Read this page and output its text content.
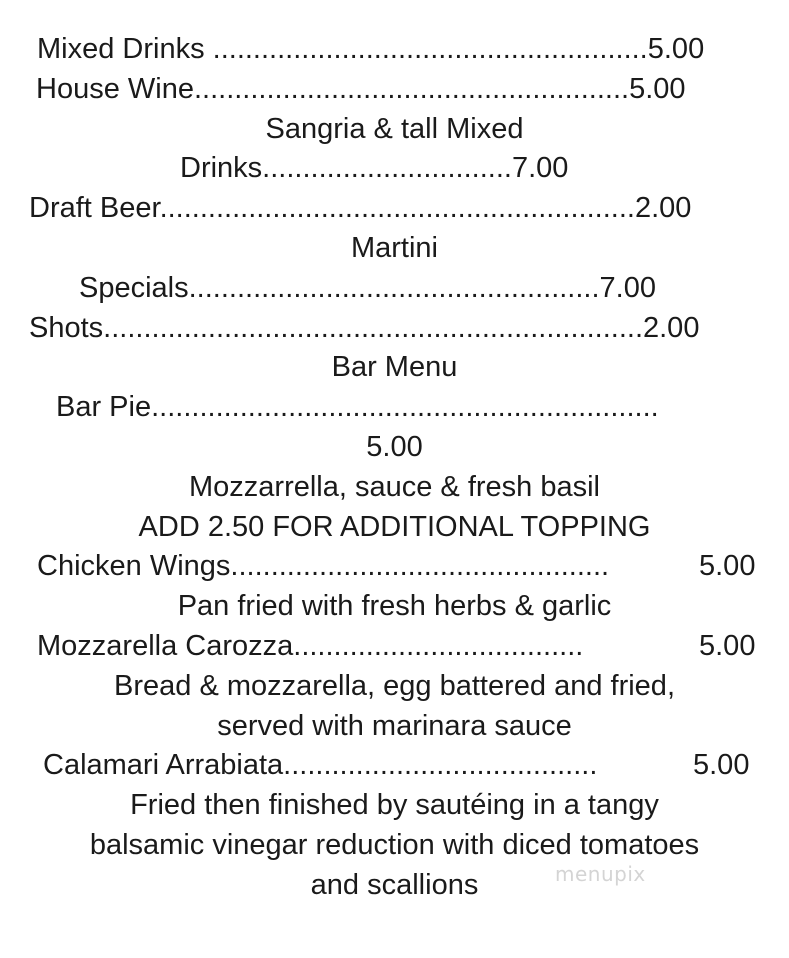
Mixed Drinks ......................................................5.00
House Wine......................................................5.00
Sangria & tall Mixed
Drinks...............................7.00
Draft Beer...........................................................2.00
Martini
Specials...................................................7.00
Shots...................................................................2.00
Bar Menu
Bar Pie...............................................................
5.00
Mozzarrella, sauce & fresh basil
ADD 2.50 FOR ADDITIONAL TOPPING
Chicken Wings...............................................	5.00
Pan fried with fresh herbs & garlic
Mozzarella Carozza....................................	5.00
Bread & mozzarella, egg battered and fried,
served with marinara sauce
Calamari Arrabiata.......................................	5.00
Fried then finished by sautéing in a tangy
balsamic vinegar reduction with diced tomatoes
and scallions	menupix
